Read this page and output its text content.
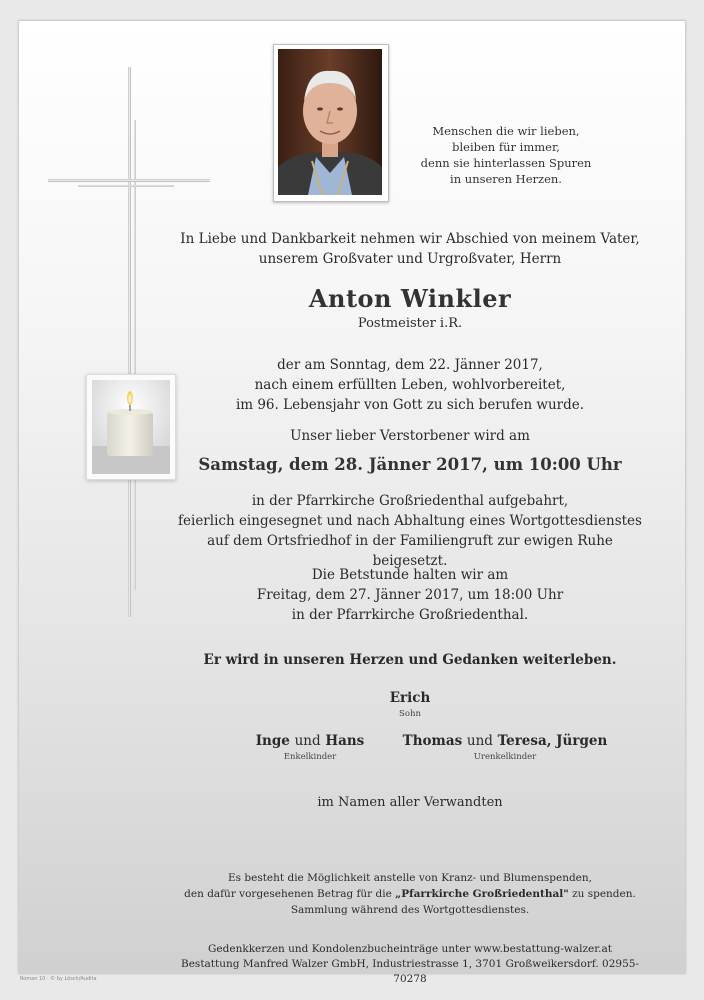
Menschen die wir lieben,
bleiben für immer,
denn sie hinterlassen Spuren
in unseren Herzen.
In Liebe und Dankbarkeit nehmen wir Abschied von meinem Vater,
unserem Großvater und Urgroßvater, Herrn
Anton Winkler
Postmeister i.R.
der am Sonntag, dem 22. Jänner 2017,
nach einem erfüllten Leben, wohlvorbereitet,
im 96. Lebensjahr von Gott zu sich berufen wurde.
Unser lieber Verstorbener wird am
Samstag, dem 28. Jänner 2017, um 10:00 Uhr
in der Pfarrkirche Großriedenthal aufgebahrt,
feierlich eingesegnet und nach Abhaltung eines Wortgottesdienstes
auf dem Ortsfriedhof in der Familiengruft zur ewigen Ruhe beigesetzt.
Die Betstunde halten wir am
Freitag, dem 27. Jänner 2017, um 18:00 Uhr
in der Pfarrkirche Großriedenthal.
Er wird in unseren Herzen und Gedanken weiterleben.
Erich
Sohn
Inge und Hans
Enkelkinder
Thomas und Teresa, Jürgen
Urenkelkinder
im Namen aller Verwandten
Es besteht die Möglichkeit anstelle von Kranz- und Blumenspenden,
den dafür vorgesehenen Betrag für die „Pfarrkirche Großriedenthal" zu spenden.
Sammlung während des Wortgottesdienstes.
Gedenkkerzen und Kondolenzbucheinträge unter www.bestattung-walzer.at
Bestattung Manfred Walzer GmbH, Industriestrasse 1, 3701 Großweikersdorf. 02955-70278
Roman 10 · © by Lösch/Audita
